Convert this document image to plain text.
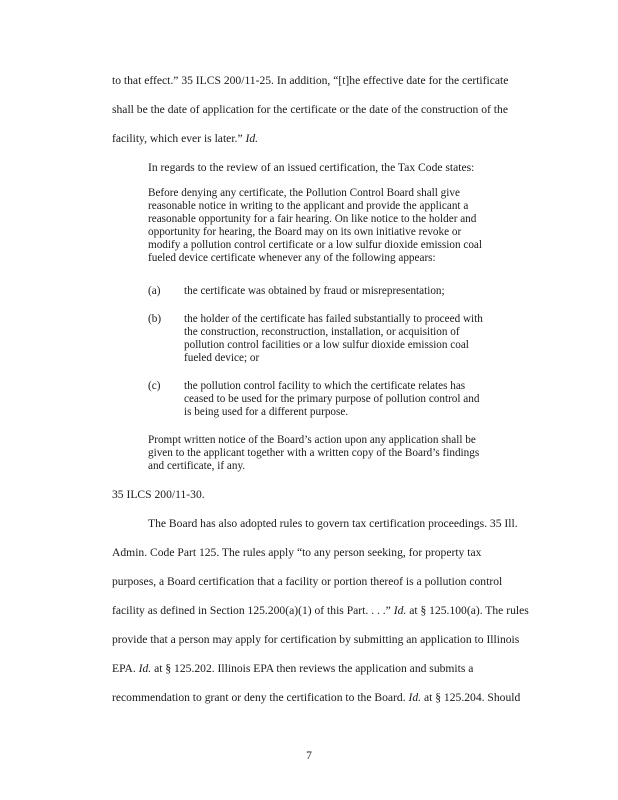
to that effect.” 35 ILCS 200/11-25. In addition, “[t]he effective date for the certificate
shall be the date of application for the certificate or the date of the construction of the
facility, which ever is later.” Id.
In regards to the review of an issued certification, the Tax Code states:
Before denying any certificate, the Pollution Control Board shall give
reasonable notice in writing to the applicant and provide the applicant a
reasonable opportunity for a fair hearing. On like notice to the holder and
opportunity for hearing, the Board may on its own initiative revoke or
modify a pollution control certificate or a low sulfur dioxide emission coal
fueled device certificate whenever any of the following appears:
(a) the certificate was obtained by fraud or misrepresentation;
(b) the holder of the certificate has failed substantially to proceed with
the construction, reconstruction, installation, or acquisition of
pollution control facilities or a low sulfur dioxide emission coal
fueled device; or
(c) the pollution control facility to which the certificate relates has
ceased to be used for the primary purpose of pollution control and
is being used for a different purpose.
Prompt written notice of the Board’s action upon any application shall be
given to the applicant together with a written copy of the Board’s findings
and certificate, if any.
35 ILCS 200/11-30.
The Board has also adopted rules to govern tax certification proceedings. 35 Ill.
Admin. Code Part 125. The rules apply “to any person seeking, for property tax
purposes, a Board certification that a facility or portion thereof is a pollution control
facility as defined in Section 125.200(a)(1) of this Part. . . .” Id. at § 125.100(a). The rules
provide that a person may apply for certification by submitting an application to Illinois
EPA. Id. at § 125.202. Illinois EPA then reviews the application and submits a
recommendation to grant or deny the certification to the Board. Id. at § 125.204. Should
7
